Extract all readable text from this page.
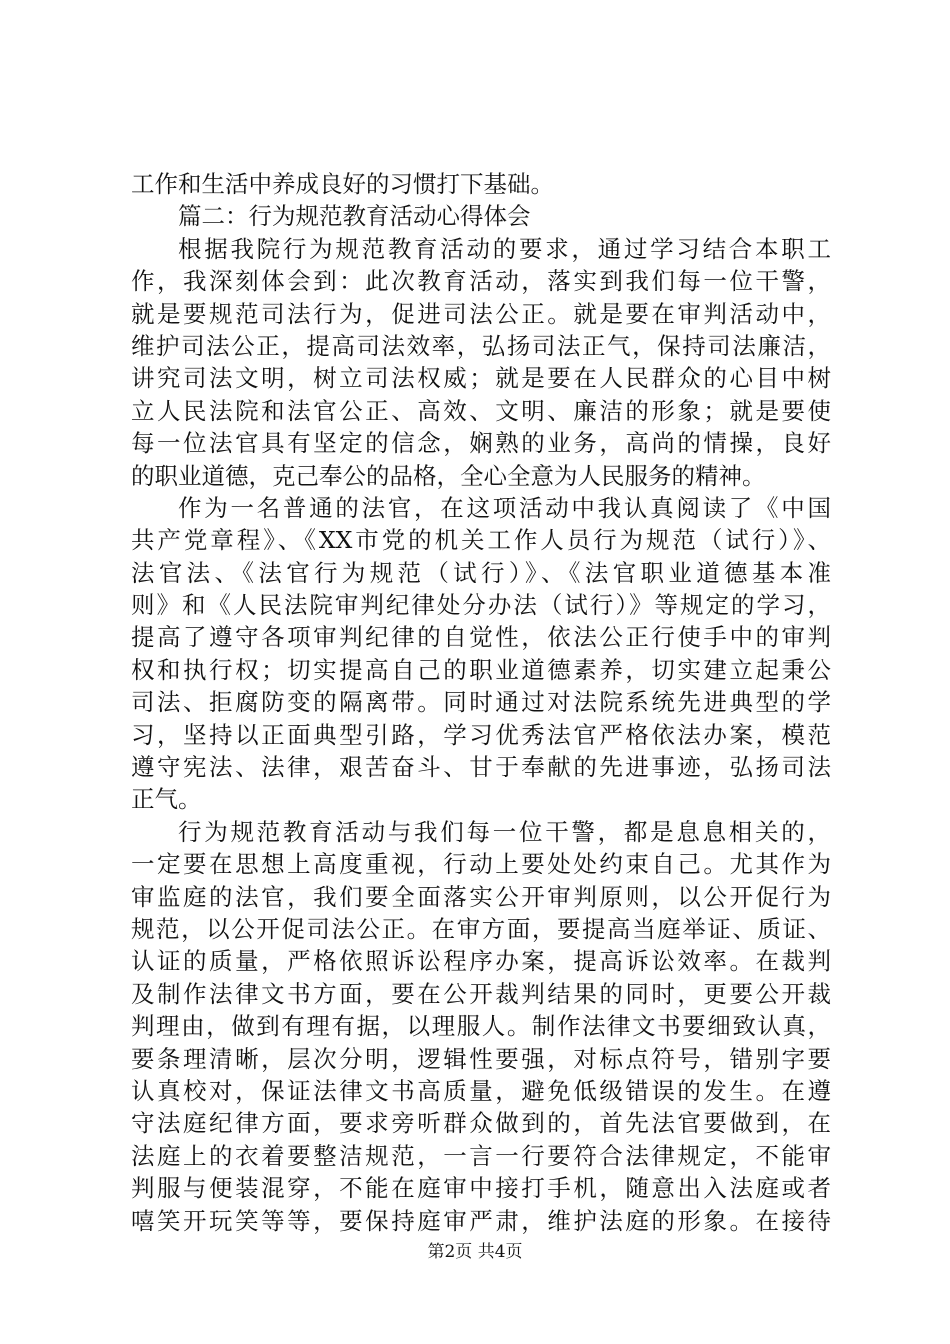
工作和生活中养成良好的习惯打下基础。
篇二：行为规范教育活动心得体会
根据我院行为规范教育活动的要求，通过学习结合本职工
作，我深刻体会到：此次教育活动，落实到我们每一位干警，
就是要规范司法行为，促进司法公正。就是要在审判活动中，
维护司法公正，提高司法效率，弘扬司法正气，保持司法廉洁，
讲究司法文明，树立司法权威；就是要在人民群众的心目中树
立人民法院和法官公正、高效、文明、廉洁的形象；就是要使
每一位法官具有坚定的信念，娴熟的业务，高尚的情操，良好
的职业道德，克己奉公的品格，全心全意为人民服务的精神。
作为一名普通的法官，在这项活动中我认真阅读了《中国
共产党章程》、《XX市党的机关工作人员行为规范（试行）》、
法官法、《法官行为规范（试行）》、《法官职业道德基本准
则》和《人民法院审判纪律处分办法（试行）》等规定的学习，
提高了遵守各项审判纪律的自觉性，依法公正行使手中的审判
权和执行权；切实提高自己的职业道德素养，切实建立起秉公
司法、拒腐防变的隔离带。同时通过对法院系统先进典型的学
习，坚持以正面典型引路，学习优秀法官严格依法办案，模范
遵守宪法、法律，艰苦奋斗、甘于奉献的先进事迹，弘扬司法
正气。
行为规范教育活动与我们每一位干警，都是息息相关的，
一定要在思想上高度重视，行动上要处处约束自己。尤其作为
审监庭的法官，我们要全面落实公开审判原则，以公开促行为
规范，以公开促司法公正。在审方面，要提高当庭举证、质证、
认证的质量，严格依照诉讼程序办案，提高诉讼效率。在裁判
及制作法律文书方面，要在公开裁判结果的同时，更要公开裁
判理由，做到有理有据，以理服人。制作法律文书要细致认真，
要条理清晰，层次分明，逻辑性要强，对标点符号，错别字要
认真校对，保证法律文书高质量，避免低级错误的发生。在遵
守法庭纪律方面，要求旁听群众做到的，首先法官要做到，在
法庭上的衣着要整洁规范，一言一行要符合法律规定，不能审
判服与便装混穿，不能在庭审中接打手机，随意出入法庭或者
嘻笑开玩笑等等，要保持庭审严肃，维护法庭的形象。在接待
第2页 共4页
